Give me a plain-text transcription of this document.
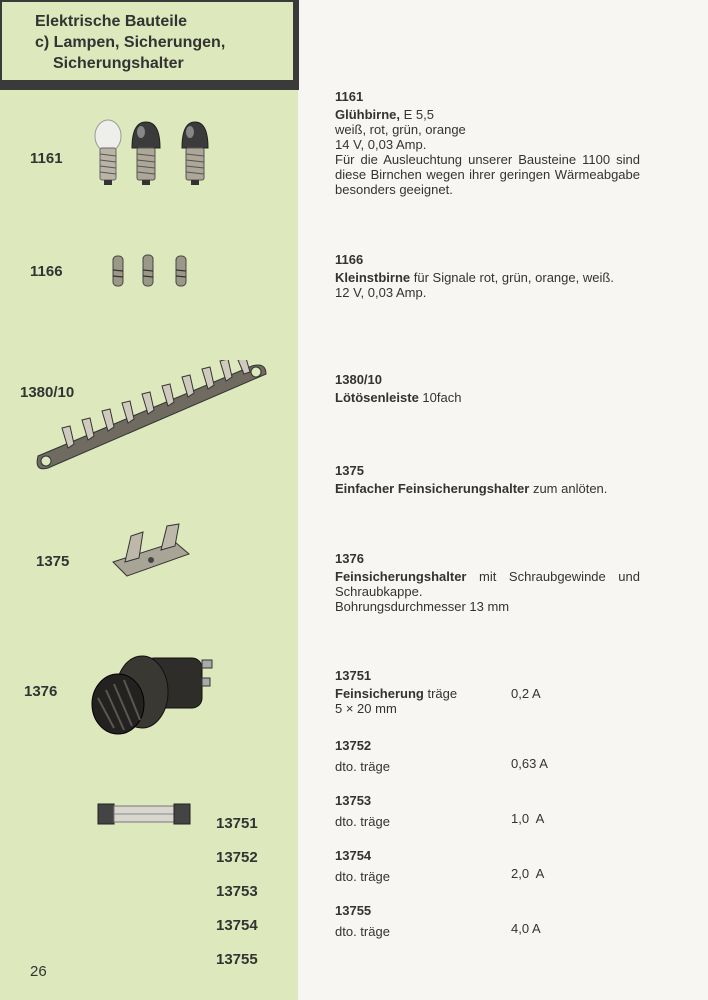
Elektrische Bauteile
c) Lampen, Sicherungen,
Sicherungshalter
1161
1166
1380/10
1375
1376
13751
13752
13753
13754
13755
26
1161
Glühbirne, E 5,5
weiß, rot, grün, orange
14 V, 0,03 Amp.
Für die Ausleuchtung unserer Bausteine 1100 sind diese Birnchen wegen ihrer geringen Wärmeabgabe besonders geeignet.
1166
Kleinstbirne für Signale rot, grün, orange, weiß.
12 V, 0,03 Amp.
1380/10
Lötösenleiste 10fach
1375
Einfacher Feinsicherungshalter zum anlöten.
1376
Feinsicherungshalter mit Schraubgewinde und Schraubkappe.
Bohrungsdurchmesser 13 mm
13751
Feinsicherung träge
5 × 20 mm
0,2 A
13752
dto. träge	0,63 A
13753
dto. träge	1,0  A
13754
dto. träge	2,0  A
13755
dto. träge	4,0 A
